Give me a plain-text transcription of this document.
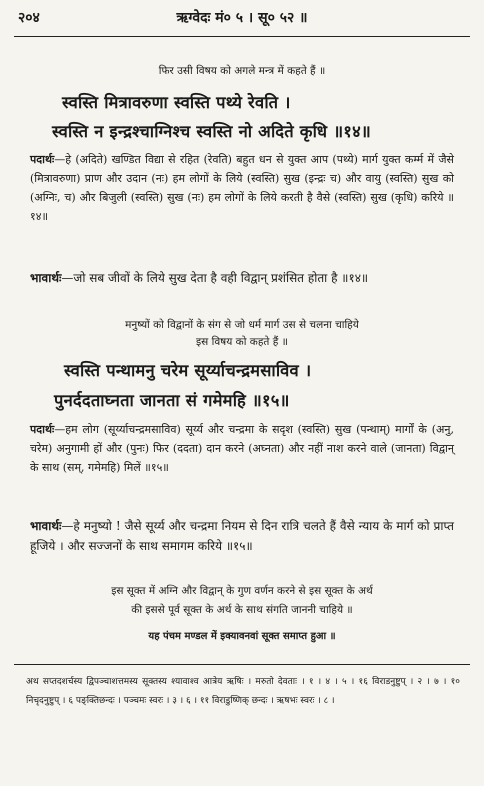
२०४	ऋग्वेदः मं० ५ । सू० ५२ ॥
फिर उसी विषय को अगले मन्त्र में कहते हैं ॥
स्वस्ति मित्रावरुणा स्वस्ति पथ्ये रेवति ।
स्वस्ति न इन्द्रश्चाग्निश्च स्वस्ति नो अदिते कृधि ॥१४॥
पदार्थः—हे (अदिते) खण्डित विद्या से रहित (रेवति) बहुत धन से युक्त आप (पथ्ये) मार्ग युक्त कर्म्म में जैसे (मित्रावरुणा) प्राण और उदान (नः) हम लोगों के लिये (स्वस्ति) सुख (इन्द्रः च) और वायु (स्वस्ति) सुख को (अग्निः, च) और बिजुली (स्वस्ति) सुख (नः) हम लोगों के लिये करती है वैसे (स्वस्ति) सुख (कृधि) करिये ॥१४॥
भावार्थः—जो सब जीवों के लिये सुख देता है वही विद्वान् प्रशंसित होता है ॥१४॥
मनुष्यों को विद्वानों के संग से जो धर्म मार्ग उस से चलना चाहिये
इस विषय को कहते हैं ॥
स्वस्ति पन्थामनु चरेम सूर्य्याचन्द्रमसाविव ।
पुनर्ददताघ्नता जानता सं गमेमहि ॥१५॥
पदार्थः—हम लोग (सूर्य्याचन्द्रमसाविव) सूर्य्य और चन्द्रमा के सदृश (स्वस्ति) सुख (पन्थाम्) मार्गों के (अनु, चरेम) अनुगामी हों और (पुनः) फिर (ददता) दान करने (अघ्नता) और नहीं नाश करने वाले (जानता) विद्वान् के साथ (सम्, गमेमहि) मिलें ॥१५॥
भावार्थः—हे मनुष्यो ! जैसे सूर्य्य और चन्द्रमा नियम से दिन रात्रि चलते हैं वैसे न्याय के मार्ग को प्राप्त हूजिये । और सज्जनों के साथ समागम करिये ॥१५॥
इस सूक्त में अग्नि और विद्वान् के गुण वर्णन करने से इस सूक्त के अर्थ
की इससे पूर्व सूक्त के अर्थ के साथ संगति जाननी चाहिये ॥
यह पंचम मण्डल में इक्यावनवां सूक्त समाप्त हुआ ॥
अथ सप्तदशर्चस्य द्विपञ्चाशत्तमस्य सूक्तस्य श्यावाश्व आत्रेय ऋषिः । मरुतो देवताः । १ । ४ । ५ । १६ विराडनुष्टुप् । २ । ७ । १० निचृदनुष्टुप् । ६ पङ्क्तिछन्दः । पञ्चमः स्वरः । ३ । ६ । ११ विराडुष्णिक् छन्दः । ऋषभः स्वरः । ८ ।
